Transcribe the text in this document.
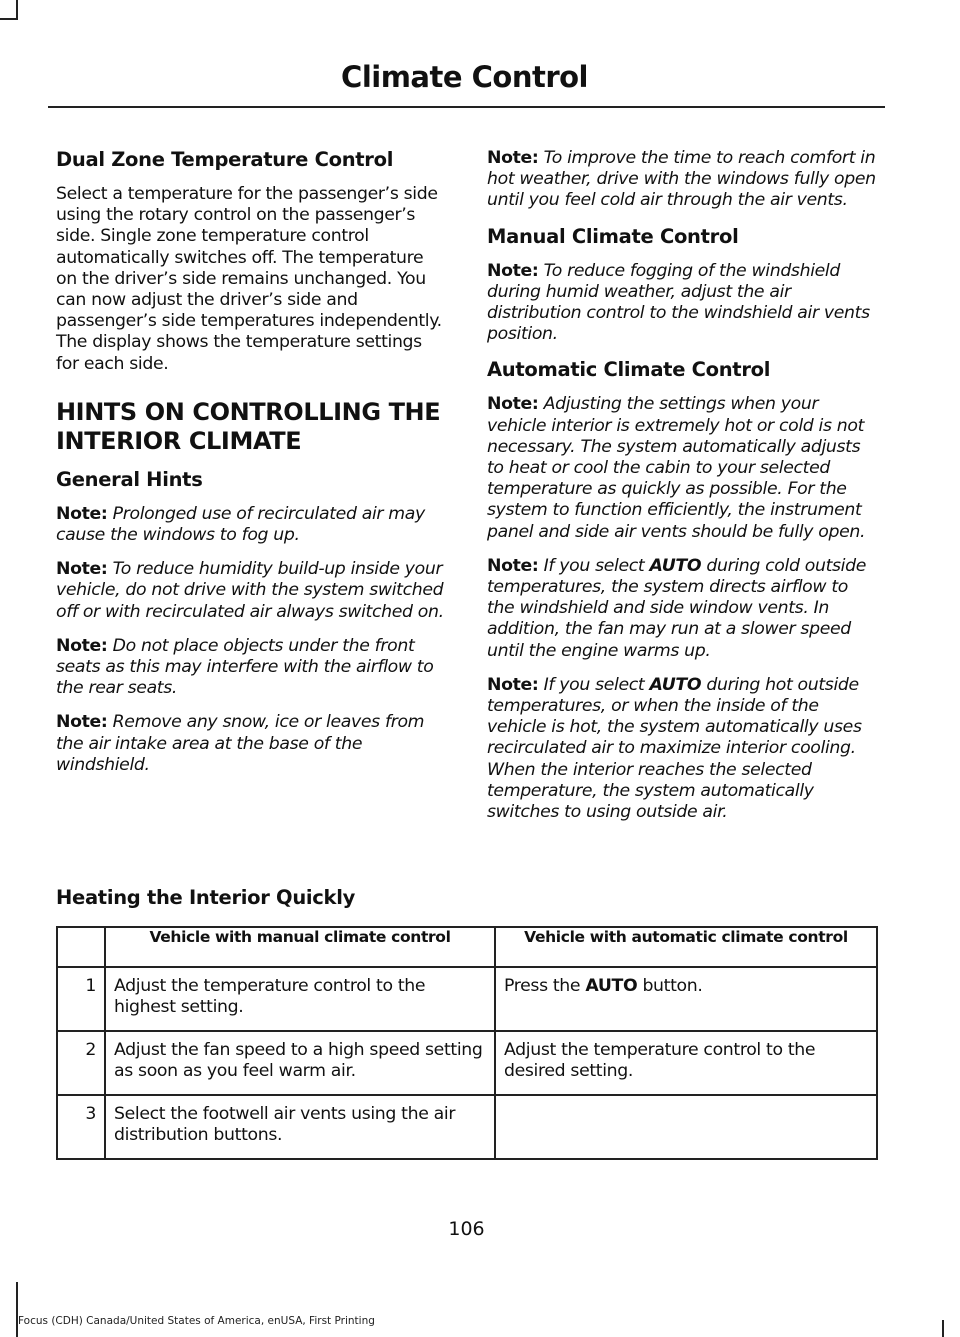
Climate Control
Dual Zone Temperature Control

Select a temperature for the passenger’s side using the rotary control on the passenger’s side. Single zone temperature control automatically switches off. The temperature on the driver’s side remains unchanged. You can now adjust the driver’s side and passenger’s side temperatures independently. The display shows the temperature settings for each side.

HINTS ON CONTROLLING THE
INTERIOR CLIMATE
General Hints

Note: Prolonged use of recirculated air may cause the windows to fog up.

Note: To reduce humidity build-up inside your vehicle, do not drive with the system switched off or with recirculated air always switched on.

Note: Do not place objects under the front seats as this may interfere with the airflow to the rear seats.

Note: Remove any snow, ice or leaves from the air intake area at the base of the windshield.

Note: To improve the time to reach comfort in hot weather, drive with the windows fully open until you feel cold air through the air vents.

Manual Climate Control

Note: To reduce fogging of the windshield during humid weather, adjust the air distribution control to the windshield air vents position.

Automatic Climate Control

Note: Adjusting the settings when your vehicle interior is extremely hot or cold is not necessary. The system automatically adjusts to heat or cool the cabin to your selected temperature as quickly as possible. For the system to function efficiently, the instrument panel and side air vents should be fully open.

Note: If you select AUTO during cold outside temperatures, the system directs airflow to the windshield and side window vents. In addition, the fan may run at a slower speed until the engine warms up.

Note: If you select AUTO during hot outside temperatures, or when the inside of the vehicle is hot, the system automatically uses recirculated air to maximize interior cooling. When the interior reaches the selected temperature, the system automatically switches to using outside air.

Heating the Interior Quickly
	Vehicle with manual climate control	Vehicle with automatic climate control
1	Adjust the temperature control to the highest setting.	Press the AUTO button.
2	Adjust the fan speed to a high speed setting as soon as you feel warm air.	Adjust the temperature control to the desired setting.
3	Select the footwell air vents using the air distribution buttons.	
106
Focus (CDH) Canada/United States of America, enUSA, First Printing
